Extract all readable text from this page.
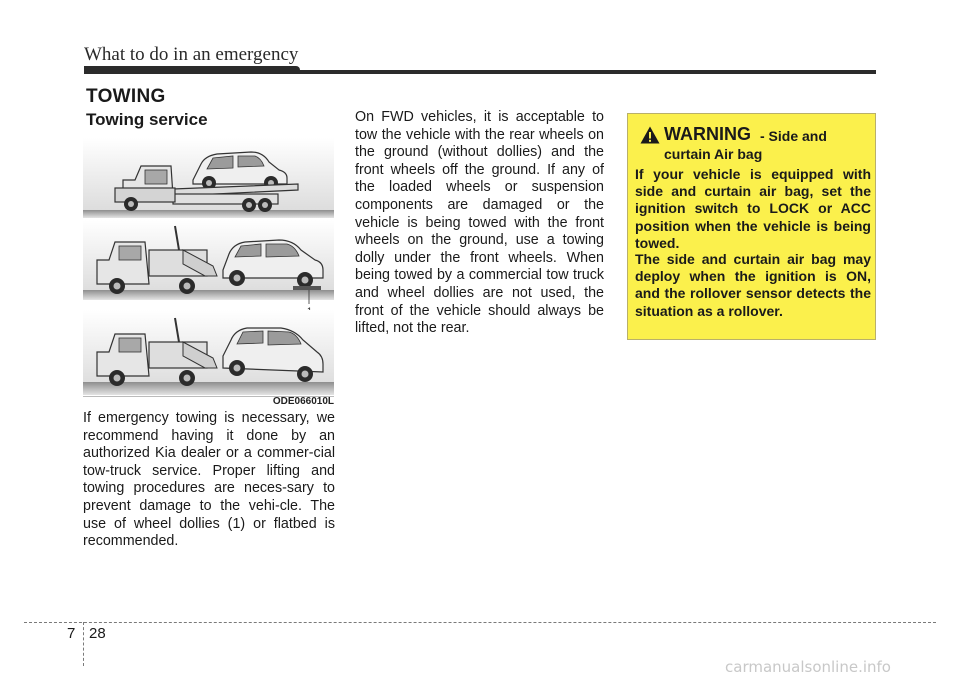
What to do in an emergency
TOWING
Towing service
ODE066010L
If emergency towing is necessary, we recommend having it done by an authorized Kia dealer or a commer-cial tow-truck service. Proper lifting and towing procedures are neces-sary to prevent damage to the vehi-cle. The use of wheel dollies (1) or flatbed is recommended.
On FWD vehicles, it is acceptable to tow the vehicle with the rear wheels on the ground (without dollies) and the front wheels off the ground. If any of the loaded wheels or suspension components are damaged or the vehicle is being towed with the front wheels on the ground, use a towing dolly under the front wheels. When being towed by a commercial tow truck and wheel dollies are not used, the front of the vehicle should always be lifted, not the rear.
WARNING - Side and
curtain Air bag
If your vehicle is equipped with side and curtain air bag, set the ignition switch to LOCK or ACC position when the vehicle is being towed.
The side and curtain air bag may deploy when the ignition is ON, and the rollover sensor detects the situation as a rollover.
7 28
carmanualsonline.info
